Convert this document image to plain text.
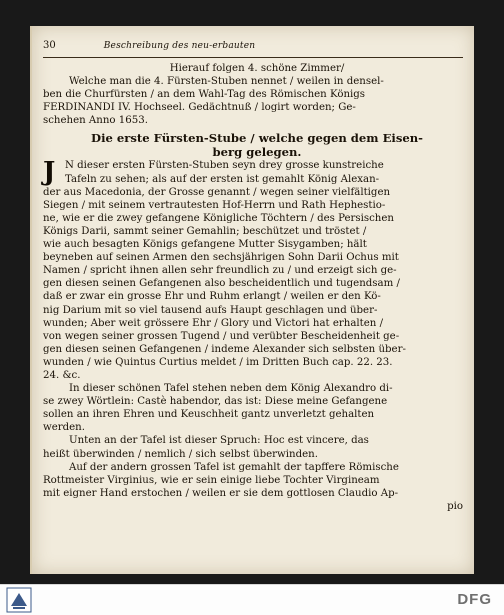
30	Beschreibung des neu-erbauten
Hierauf folgen 4. schöne Zimmer/
Welche man die 4. Fürsten-Stuben nennet / weilen in densel-
ben die Churfürsten / an dem Wahl-Tag des Römischen Königs
FERDINANDI IV. Hochseel. Gedächtnuß / logirt worden; Ge-
schehen Anno 1653.
Die erste Fürsten-Stube / welche gegen dem Eisen-
berg gelegen.
J N dieser ersten Fürsten-Stuben seyn drey grosse kunstreiche
Tafeln zu sehen; als auf der ersten ist gemahlt König Alexan-
der aus Macedonia, der Grosse genannt / wegen seiner vielfältigen
Siegen / mit seinem vertrautesten Hof-Herrn und Rath Hephestio-
ne, wie er die zwey gefangene Königliche Töchtern / des Persischen
Königs Darii, sammt seiner Gemahlin; beschützet und tröstet /
wie auch besagten Königs gefangene Mutter Sisygamben; hält
beyneben auf seinen Armen den sechsjährigen Sohn Darii Ochus mit
Namen / spricht ihnen allen sehr freundlich zu / und erzeigt sich ge-
gen diesen seinen Gefangenen also bescheidentlich und tugendsam /
daß er zwar ein grosse Ehr und Ruhm erlangt / weilen er den Kö-
nig Darium mit so viel tausend aufs Haupt geschlagen und über-
wunden; Aber weit grössere Ehr / Glory und Victori hat erhalten /
von wegen seiner grossen Tugend / und verübter Bescheidenheit ge-
gen diesen seinen Gefangenen / indeme Alexander sich selbsten über-
wunden / wie Quintus Curtius meldet / im Dritten Buch cap. 22. 23.
24. &c.
In dieser schönen Tafel stehen neben dem König Alexandro di-
se zwey Wörtlein: Castè habendor, das ist: Diese meine Gefangene
sollen an ihren Ehren und Keuschheit gantz unverletzt gehalten
werden.
Unten an der Tafel ist dieser Spruch: Hoc est vincere, das
heißt überwinden / nemlich / sich selbst überwinden.
Auf der andern grossen Tafel ist gemahlt der tapffere Römische
Rottmeister Virginius, wie er sein einige liebe Tochter Virgineam
mit eigner Hand erstochen / weilen er sie dem gottlosen Claudio Ap-
pio
DFG
